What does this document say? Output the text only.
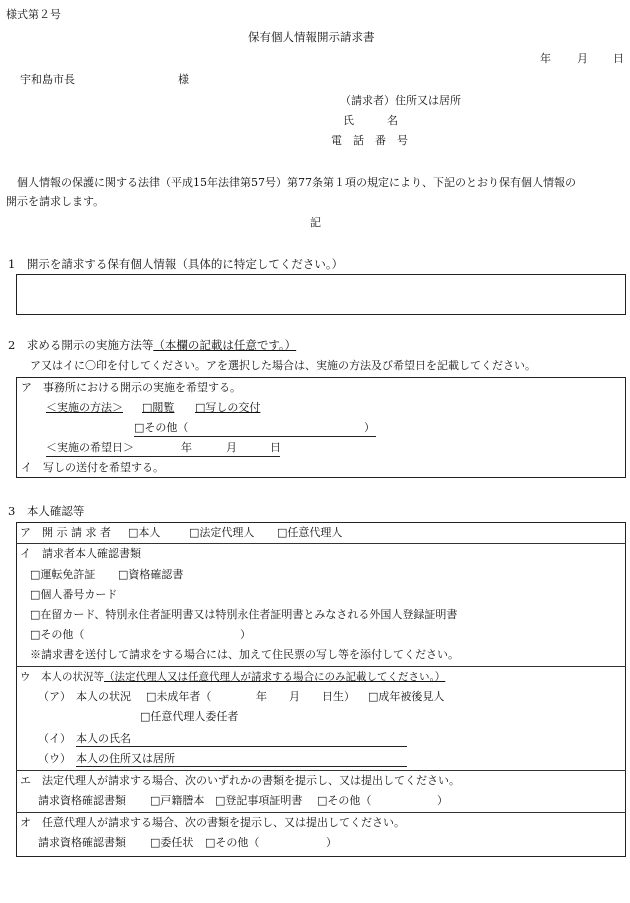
様式第２号
保有個人情報開示請求書
年 月 日
宇和島市長	様
（請求者）住所又は居所
氏　　　名
電　話　番　号
個人情報の保護に関する法律（平成15年法律第57号）第77条第１項の規定により、下記のとおり保有個人情報の
開示を請求します。
記
1　開示を請求する保有個人情報（具体的に特定してください。）
2　求める開示の実施方法等（本欄の記載は任意です。）
ア又はイに〇印を付してください。アを選択した場合は、実施の方法及び希望日を記載してください。
ア　事務所における開示の実施を希望する。
＜実施の方法＞ □閲覧 □写しの交付
□その他（	）
＜実施の希望日＞	年	月	日
イ　写しの送付を希望する。
3　本人確認等
ア　開 示 請 求 者 □本人	□法定代理人 □任意代理人
イ　請求者本人確認書類
□運転免許証 □資格確認書
□個人番号カード
□在留カード、特別永住者証明書又は特別永住者証明書とみなされる外国人登録証明書
□その他（	）
※請求書を送付して請求をする場合には、加えて住民票の写し等を添付してください。
ウ　本人の状況等（法定代理人又は任意代理人が請求する場合にのみ記載してください。）
（ア） 本人の状況 □未成年者（	年 月 日生） □成年被後見人
□任意代理人委任者
（イ） 本人の氏名
（ウ） 本人の住所又は居所
エ　法定代理人が請求する場合、次のいずれかの書類を提示し、又は提出してください。
請求資格確認書類 □戸籍謄本 □登記事項証明書 □その他（	）
オ　任意代理人が請求する場合、次の書類を提示し、又は提出してください。
請求資格確認書類 □委任状 □その他（	）
